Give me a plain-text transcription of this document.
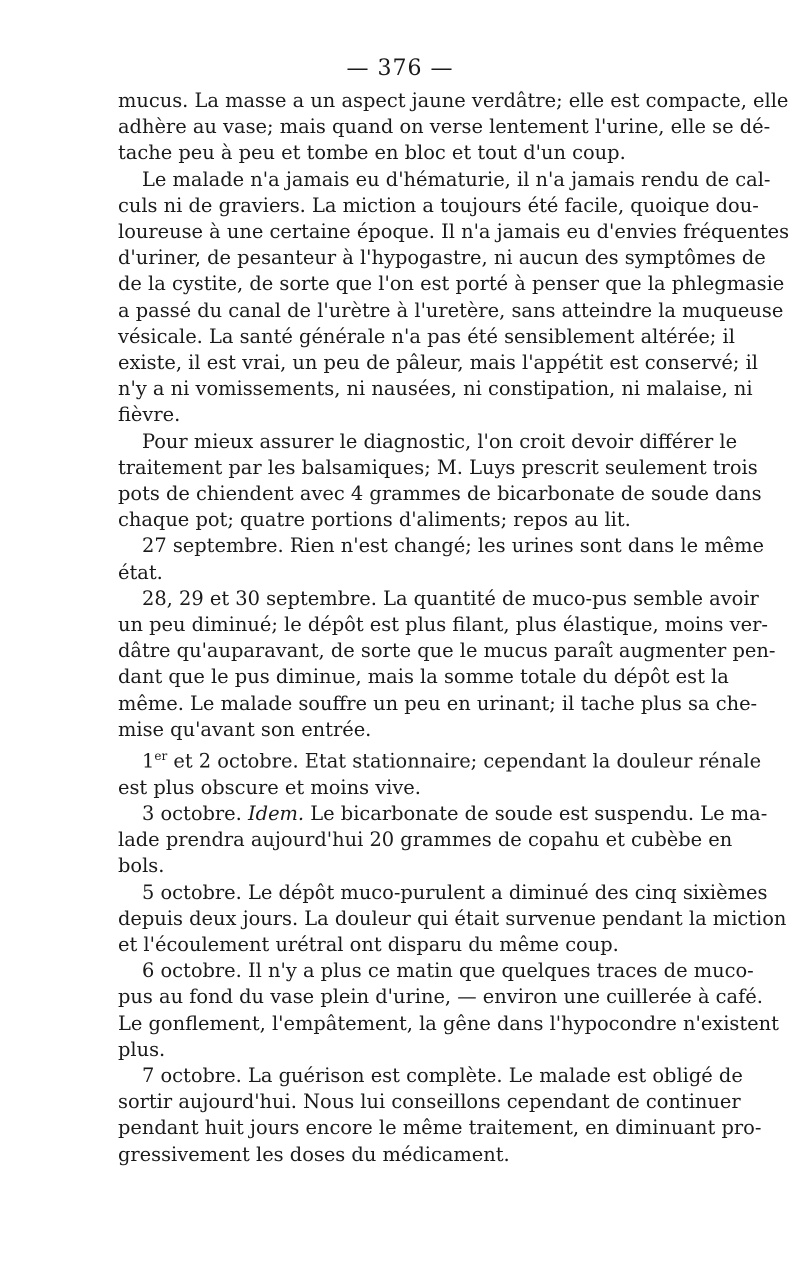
— 376 —
mucus. La masse a un aspect jaune verdâtre; elle est compacte, elle
adhère au vase; mais quand on verse lentement l'urine, elle se dé-
tache peu à peu et tombe en bloc et tout d'un coup.
Le malade n'a jamais eu d'hématurie, il n'a jamais rendu de cal-
culs ni de graviers. La miction a toujours été facile, quoique dou-
loureuse à une certaine époque. Il n'a jamais eu d'envies fréquentes
d'uriner, de pesanteur à l'hypogastre, ni aucun des symptômes de
de la cystite, de sorte que l'on est porté à penser que la phlegmasie
a passé du canal de l'urètre à l'uretère, sans atteindre la muqueuse
vésicale. La santé générale n'a pas été sensiblement altérée; il
existe, il est vrai, un peu de pâleur, mais l'appétit est conservé; il
n'y a ni vomissements, ni nausées, ni constipation, ni malaise, ni
fièvre.
Pour mieux assurer le diagnostic, l'on croit devoir différer le
traitement par les balsamiques; M. Luys prescrit seulement trois
pots de chiendent avec 4 grammes de bicarbonate de soude dans
chaque pot; quatre portions d'aliments; repos au lit.
27 septembre. Rien n'est changé; les urines sont dans le même
état.
28, 29 et 30 septembre. La quantité de muco-pus semble avoir
un peu diminué; le dépôt est plus filant, plus élastique, moins ver-
dâtre qu'auparavant, de sorte que le mucus paraît augmenter pen-
dant que le pus diminue, mais la somme totale du dépôt est la
même. Le malade souffre un peu en urinant; il tache plus sa che-
mise qu'avant son entrée.
1er et 2 octobre. Etat stationnaire; cependant la douleur rénale
est plus obscure et moins vive.
3 octobre. Idem. Le bicarbonate de soude est suspendu. Le ma-
lade prendra aujourd'hui 20 grammes de copahu et cubèbe en
bols.
5 octobre. Le dépôt muco-purulent a diminué des cinq sixièmes
depuis deux jours. La douleur qui était survenue pendant la miction
et l'écoulement urétral ont disparu du même coup.
6 octobre. Il n'y a plus ce matin que quelques traces de muco-
pus au fond du vase plein d'urine, — environ une cuillerée à café.
Le gonflement, l'empâtement, la gêne dans l'hypocondre n'existent
plus.
7 octobre. La guérison est complète. Le malade est obligé de
sortir aujourd'hui. Nous lui conseillons cependant de continuer
pendant huit jours encore le même traitement, en diminuant pro-
gressivement les doses du médicament.
